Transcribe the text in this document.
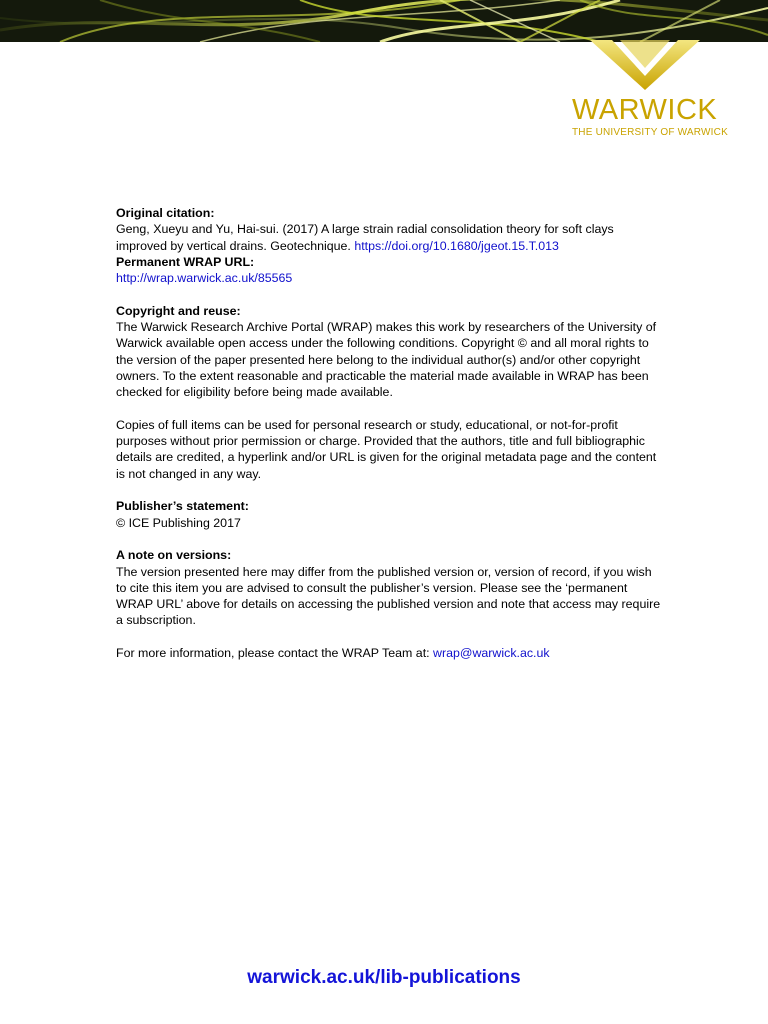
WARWICK
THE UNIVERSITY OF WARWICK

Original citation:

Geng, Xueyu and Yu, Hai-sui. (2017) A large strain radial consolidation theory for soft clays improved by vertical drains. Geotechnique. https://doi.org/10.1680/jgeot.15.T.013

Permanent WRAP URL:

http://wrap.warwick.ac.uk/85565

Copyright and reuse:

The Warwick Research Archive Portal (WRAP) makes this work by researchers of the University of Warwick available open access under the following conditions. Copyright © and all moral rights to the version of the paper presented here belong to the individual author(s) and/or other copyright owners. To the extent reasonable and practicable the material made available in WRAP has been checked for eligibility before being made available.

Copies of full items can be used for personal research or study, educational, or not-for-profit purposes without prior permission or charge. Provided that the authors, title and full bibliographic details are credited, a hyperlink and/or URL is given for the original metadata page and the content is not changed in any way.

Publisher’s statement:

© ICE Publishing 2017

A note on versions:

The version presented here may differ from the published version or, version of record, if you wish to cite this item you are advised to consult the publisher’s version. Please see the ‘permanent WRAP URL’ above for details on accessing the published version and note that access may require a subscription.

For more information, please contact the WRAP Team at: wrap@warwick.ac.uk

warwick.ac.uk/lib-publications
